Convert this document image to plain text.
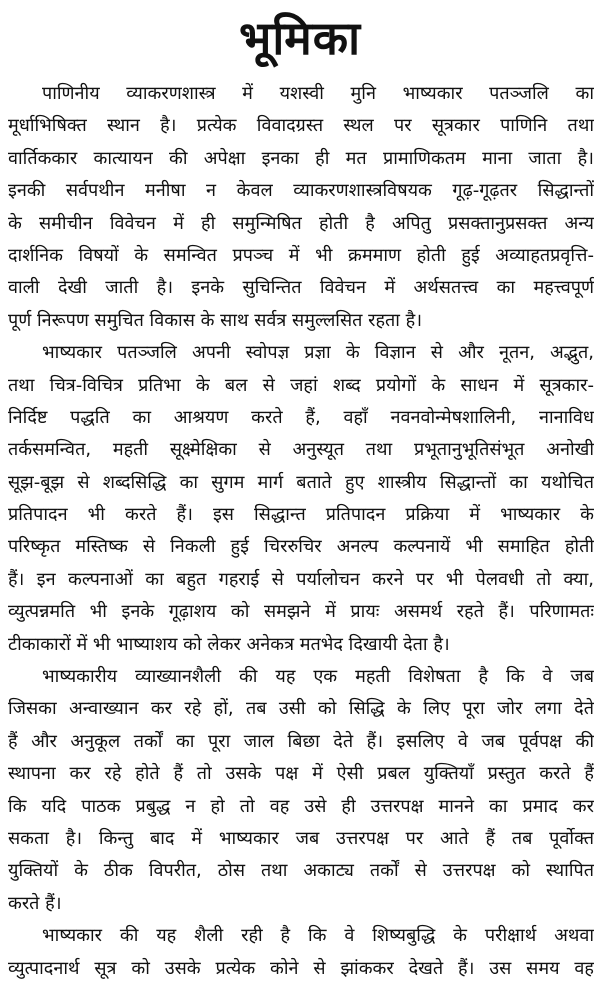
भूमिका
पाणिनीय व्याकरणशास्त्र में यशस्वी मुनि भाष्यकार पतञ्जलि का
मूर्धाभिषिक्त स्थान है। प्रत्येक विवादग्रस्त स्थल पर सूत्रकार पाणिनि तथा
वार्तिककार कात्यायन की अपेक्षा इनका ही मत प्रामाणिकतम माना जाता है।
इनकी सर्वपथीन मनीषा न केवल व्याकरणशास्त्रविषयक गूढ़-गूढ़तर सिद्धान्तों
के समीचीन विवेचन में ही समुन्मिषित होती है अपितु प्रसक्तानुप्रसक्त अन्य
दार्शनिक विषयों के समन्वित प्रपञ्च में भी क्रममाण होती हुई अव्याहतप्रवृत्ति-
वाली देखी जाती है। इनके सुचिन्तित विवेचन में अर्थसतत्त्व का महत्त्वपूर्ण
पूर्ण निरूपण समुचित विकास के साथ सर्वत्र समुल्लसित रहता है।
भाष्यकार पतञ्जलि अपनी स्वोपज्ञ प्रज्ञा के विज्ञान से और नूतन, अद्भुत,
तथा चित्र-विचित्र प्रतिभा के बल से जहां शब्द प्रयोगों के साधन में सूत्रकार-
निर्दिष्ट पद्धति का आश्रयण करते हैं, वहाँ नवनवोन्मेषशालिनी, नानाविध
तर्कसमन्वित, महती सूक्ष्मेक्षिका से अनुस्यूत तथा प्रभूतानुभूतिसंभूत अनोखी
सूझ-बूझ से शब्दसिद्धि का सुगम मार्ग बताते हुए शास्त्रीय सिद्धान्तों का यथोचित
प्रतिपादन भी करते हैं। इस सिद्धान्त प्रतिपादन प्रक्रिया में भाष्यकार के
परिष्कृत मस्तिष्क से निकली हुई चिररुचिर अनल्प कल्पनायें भी समाहित होती
हैं। इन कल्पनाओं का बहुत गहराई से पर्यालोचन करने पर भी पेलवधी तो क्या,
व्युत्पन्नमति भी इनके गूढ़ाशय को समझने में प्रायः असमर्थ रहते हैं। परिणामतः
टीकाकारों में भी भाष्याशय को लेकर अनेकत्र मतभेद दिखायी देता है।
भाष्यकारीय व्याख्यानशैली की यह एक महती विशेषता है कि वे जब
जिसका अन्वाख्यान कर रहे हों, तब उसी को सिद्धि के लिए पूरा जोर लगा देते
हैं और अनुकूल तर्कों का पूरा जाल बिछा देते हैं। इसलिए वे जब पूर्वपक्ष की
स्थापना कर रहे होते हैं तो उसके पक्ष में ऐसी प्रबल युक्तियाँ प्रस्तुत करते हैं
कि यदि पाठक प्रबुद्ध न हो तो वह उसे ही उत्तरपक्ष मानने का प्रमाद कर
सकता है। किन्तु बाद में भाष्यकार जब उत्तरपक्ष पर आते हैं तब पूर्वोक्त
युक्तियों के ठीक विपरीत, ठोस तथा अकाट्य तर्कों से उत्तरपक्ष को स्थापित
करते हैं।
भाष्यकार की यह शैली रही है कि वे शिष्यबुद्धि के परीक्षार्थ अथवा
व्युत्पादनार्थ सूत्र को उसके प्रत्येक कोने से झांककर देखते हैं। उस समय वह
